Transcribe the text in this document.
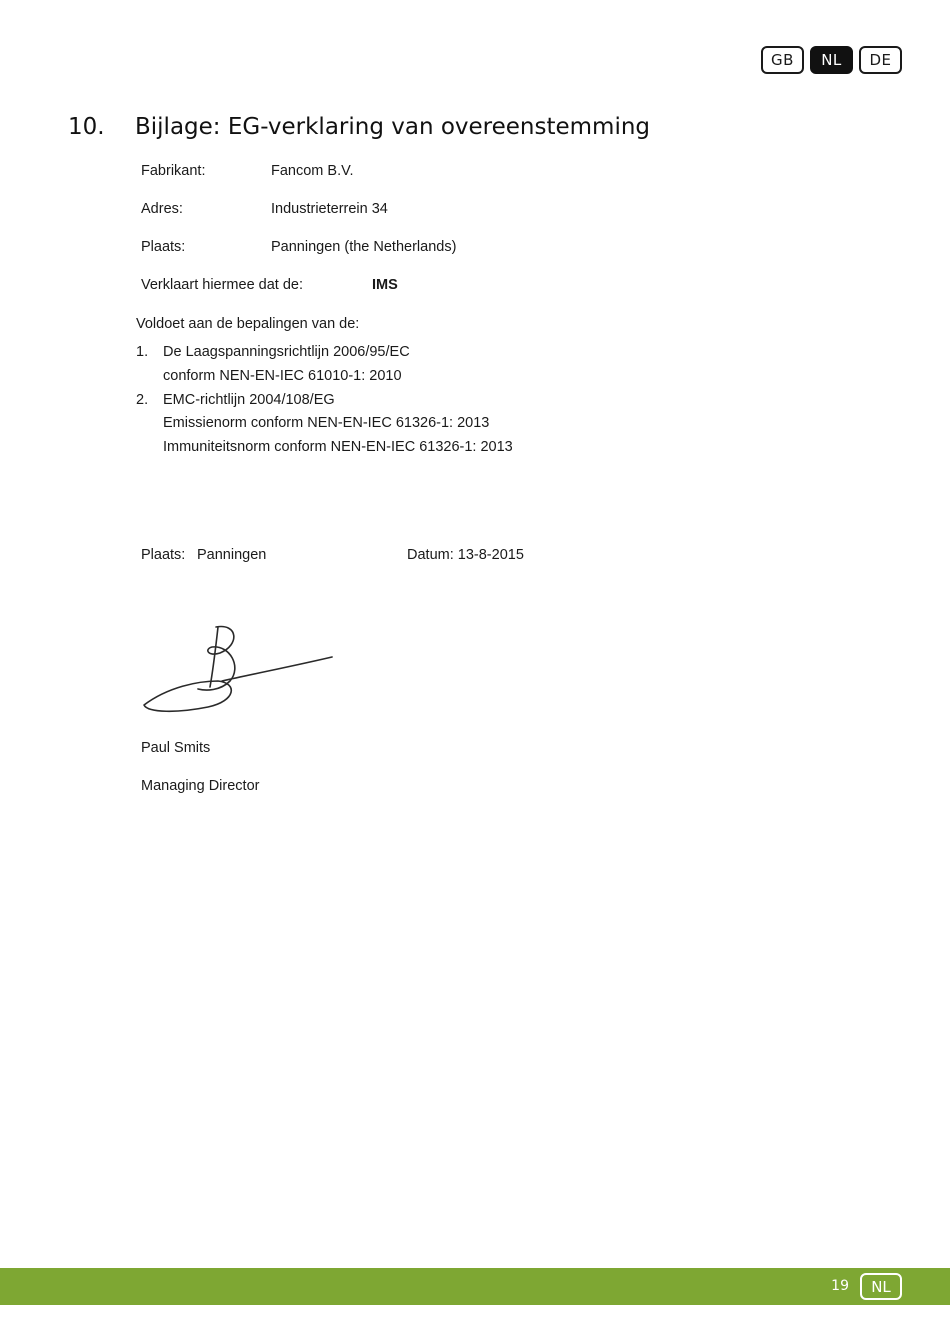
GB	NL	DE
10. Bijlage: EG-verklaring van overeenstemming
Fabrikant:	Fancom B.V.
Adres:	Industrieterrein 34
Plaats:	Panningen (the Netherlands)
Verklaart hiermee dat de:	IMS
Voldoet aan de bepalingen van de:
1. De Laagspanningsrichtlijn 2006/95/EC
conform NEN-EN-IEC 61010-1: 2010
2. EMC-richtlijn 2004/108/EG
Emissienorm conform NEN-EN-IEC 61326-1: 2013
Immuniteitsnorm conform NEN-EN-IEC 61326-1: 2013
Plaats: Panningen	Datum: 13-8-2015
Paul Smits
Managing Director
19	NL
